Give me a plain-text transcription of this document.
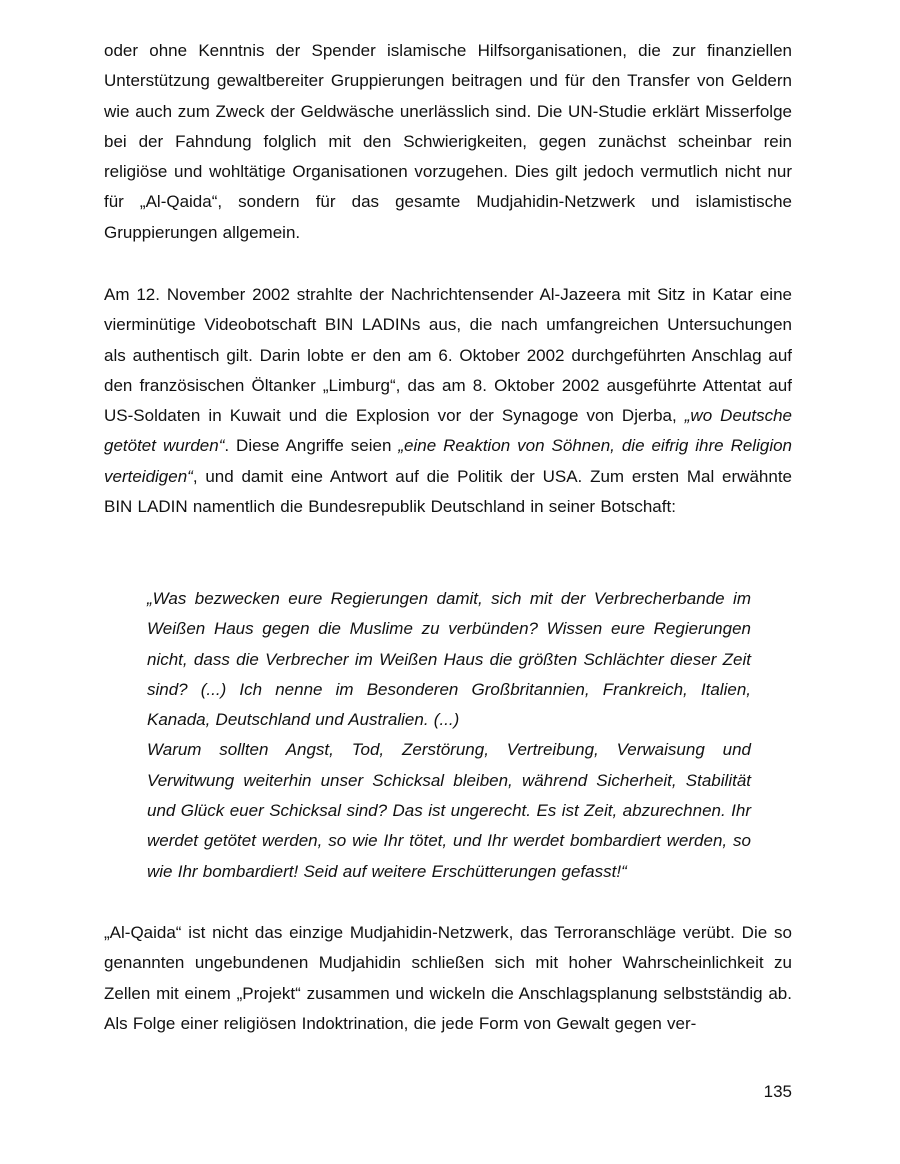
oder ohne Kenntnis der Spender islamische Hilfsorganisationen, die zur finanziellen Unterstützung gewaltbereiter Gruppierungen beitragen und für den Transfer von Geldern wie auch zum Zweck der Geldwäsche unerlässlich sind. Die UN-Studie erklärt Misserfolge bei der Fahndung folglich mit den Schwierigkeiten, gegen zunächst scheinbar rein religiöse und wohltätige Organisationen vorzugehen. Dies gilt jedoch vermutlich nicht nur für „Al-Qaida“, sondern für das gesamte Mudjahidin-Netzwerk und islamistische Gruppierungen allgemein.

Am 12. November 2002 strahlte der Nachrichtensender Al-Jazeera mit Sitz in Katar eine vierminütige Videobotschaft BIN LADINs aus, die nach umfangreichen Untersuchungen als authentisch gilt. Darin lobte er den am 6. Oktober 2002 durchgeführten Anschlag auf den französischen Öltanker „Limburg“, das am 8. Oktober 2002 ausgeführte Attentat auf US-Soldaten in Kuwait und die Explosion vor der Synagoge von Djerba, „wo Deutsche getötet wurden“. Diese Angriffe seien „eine Reaktion von Söhnen, die eifrig ihre Religion verteidigen“, und damit eine Antwort auf die Politik der USA. Zum ersten Mal erwähnte BIN LADIN namentlich die Bundesrepublik Deutschland in seiner Botschaft:

„Was bezwecken eure Regierungen damit, sich mit der Verbrecherbande im Weißen Haus gegen die Muslime zu verbünden? Wissen eure Regierungen nicht, dass die Verbrecher im Weißen Haus die größten Schlächter dieser Zeit sind? (...) Ich nenne im Besonderen Großbritannien, Frankreich, Italien, Kanada, Deutschland und Australien. (...)
Warum sollten Angst, Tod, Zerstörung, Vertreibung, Verwaisung und Verwitwung weiterhin unser Schicksal bleiben, während Sicherheit, Stabilität und Glück euer Schicksal sind? Das ist ungerecht. Es ist Zeit, abzurechnen. Ihr werdet getötet werden, so wie Ihr tötet, und Ihr werdet bombardiert werden, so wie Ihr bombardiert! Seid auf weitere Erschütterungen gefasst!“

„Al-Qaida“ ist nicht das einzige Mudjahidin-Netzwerk, das Terroranschläge verübt. Die so genannten ungebundenen Mudjahidin schließen sich mit hoher Wahrscheinlichkeit zu Zellen mit einem „Projekt“ zusammen und wickeln die Anschlagsplanung selbstständig ab. Als Folge einer religiösen Indoktrination, die jede Form von Gewalt gegen ver-

135
